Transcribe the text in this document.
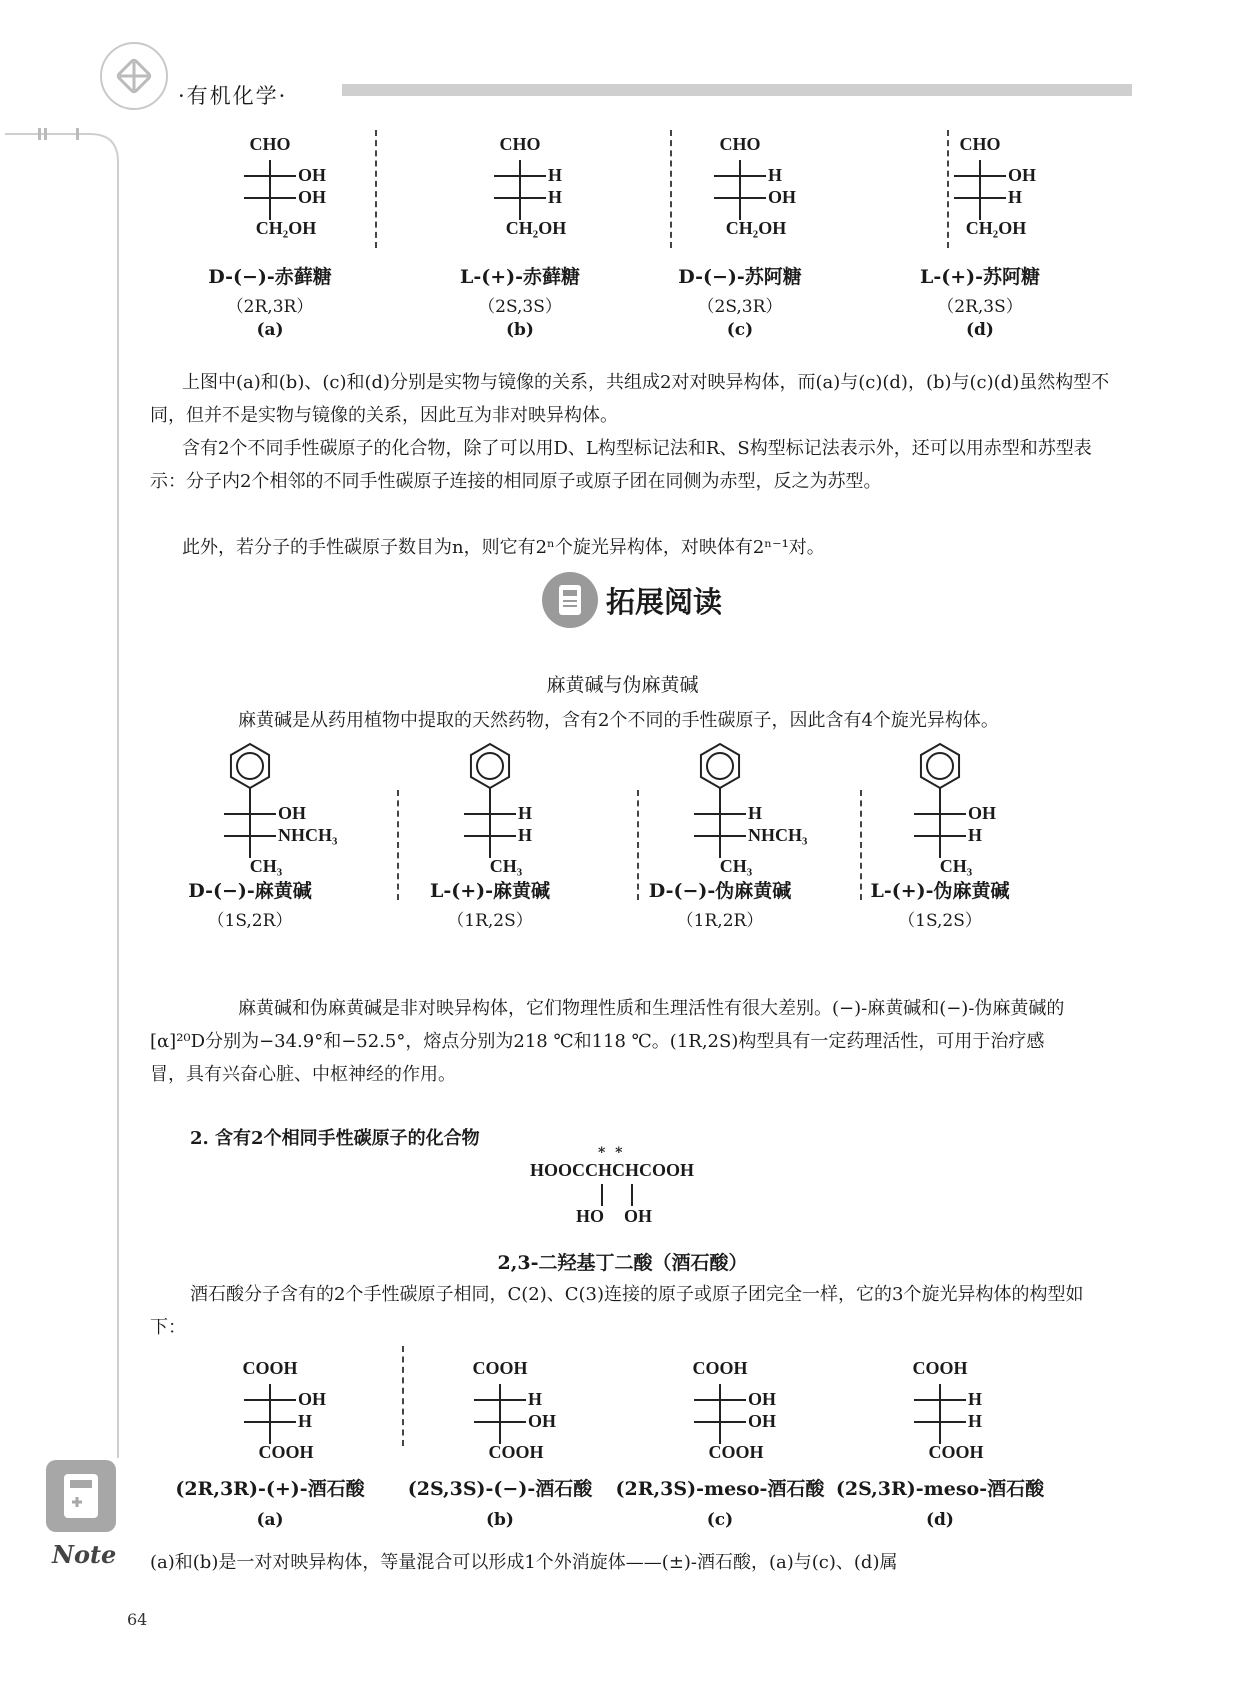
·有机化学·
CHO
OH
OH
CH₂OH
D-(−)-赤藓糖
（2R,3R）
(a)
CHO
H
H
CH₂OH
L-(+)-赤藓糖
（2S,3S）
(b)
CHO
H
OH
CH₂OH
D-(−)-苏阿糖
（2S,3R）
(c)
CHO
OH
H
CH₂OH
L-(+)-苏阿糖
（2R,3S）
(d)
上图中(a)和(b)、(c)和(d)分别是实物与镜像的关系，共组成2对对映异构体，而(a)与(c)(d)，(b)与(c)(d)虽然构型不同，但并不是实物与镜像的关系，因此互为非对映异构体。
含有2个不同手性碳原子的化合物，除了可以用D、L构型标记法和R、S构型标记法表示外，还可以用赤型和苏型表示：分子内2个相邻的不同手性碳原子连接的相同原子或原子团在同侧为赤型，反之为苏型。
此外，若分子的手性碳原子数目为n，则它有2ⁿ个旋光异构体，对映体有2ⁿ⁻¹对。
拓展阅读
麻黄碱与伪麻黄碱
麻黄碱是从药用植物中提取的天然药物，含有2个不同的手性碳原子，因此含有4个旋光异构体。
OH
NHCH₃
CH₃
D-(−)-麻黄碱
（1S,2R）
H
H
CH₃
L-(+)-麻黄碱
（1R,2S）
H
NHCH₃
CH₃
D-(−)-伪麻黄碱
（1R,2R）
OH
H
CH₃
L-(+)-伪麻黄碱
（1S,2S）
麻黄碱和伪麻黄碱是非对映异构体，它们物理性质和生理活性有很大差别。(−)-麻黄碱和(−)-伪麻黄碱的[α]²⁰D分别为−34.9°和−52.5°，熔点分别为218 ℃和118 ℃。(1R,2S)构型具有一定药理活性，可用于治疗感冒，具有兴奋心脏、中枢神经的作用。
2. 含有2个相同手性碳原子的化合物
*  *
HOOCCHCHCOOH
HO OH
2,3-二羟基丁二酸（酒石酸）
酒石酸分子含有的2个手性碳原子相同，C(2)、C(3)连接的原子或原子团完全一样，它的3个旋光异构体的构型如下：
COOH
OH
H
COOH
(2R,3R)-(+)-酒石酸
(a)
COOH
H
OH
COOH
(2S,3S)-(−)-酒石酸
(b)
COOH
OH
OH
COOH
(2R,3S)-meso-酒石酸
(c)
COOH
H
H
COOH
(2S,3R)-meso-酒石酸
(d)
(a)和(b)是一对对映异构体，等量混合可以形成1个外消旋体——(±)-酒石酸，(a)与(c)、(d)属
Note
64
